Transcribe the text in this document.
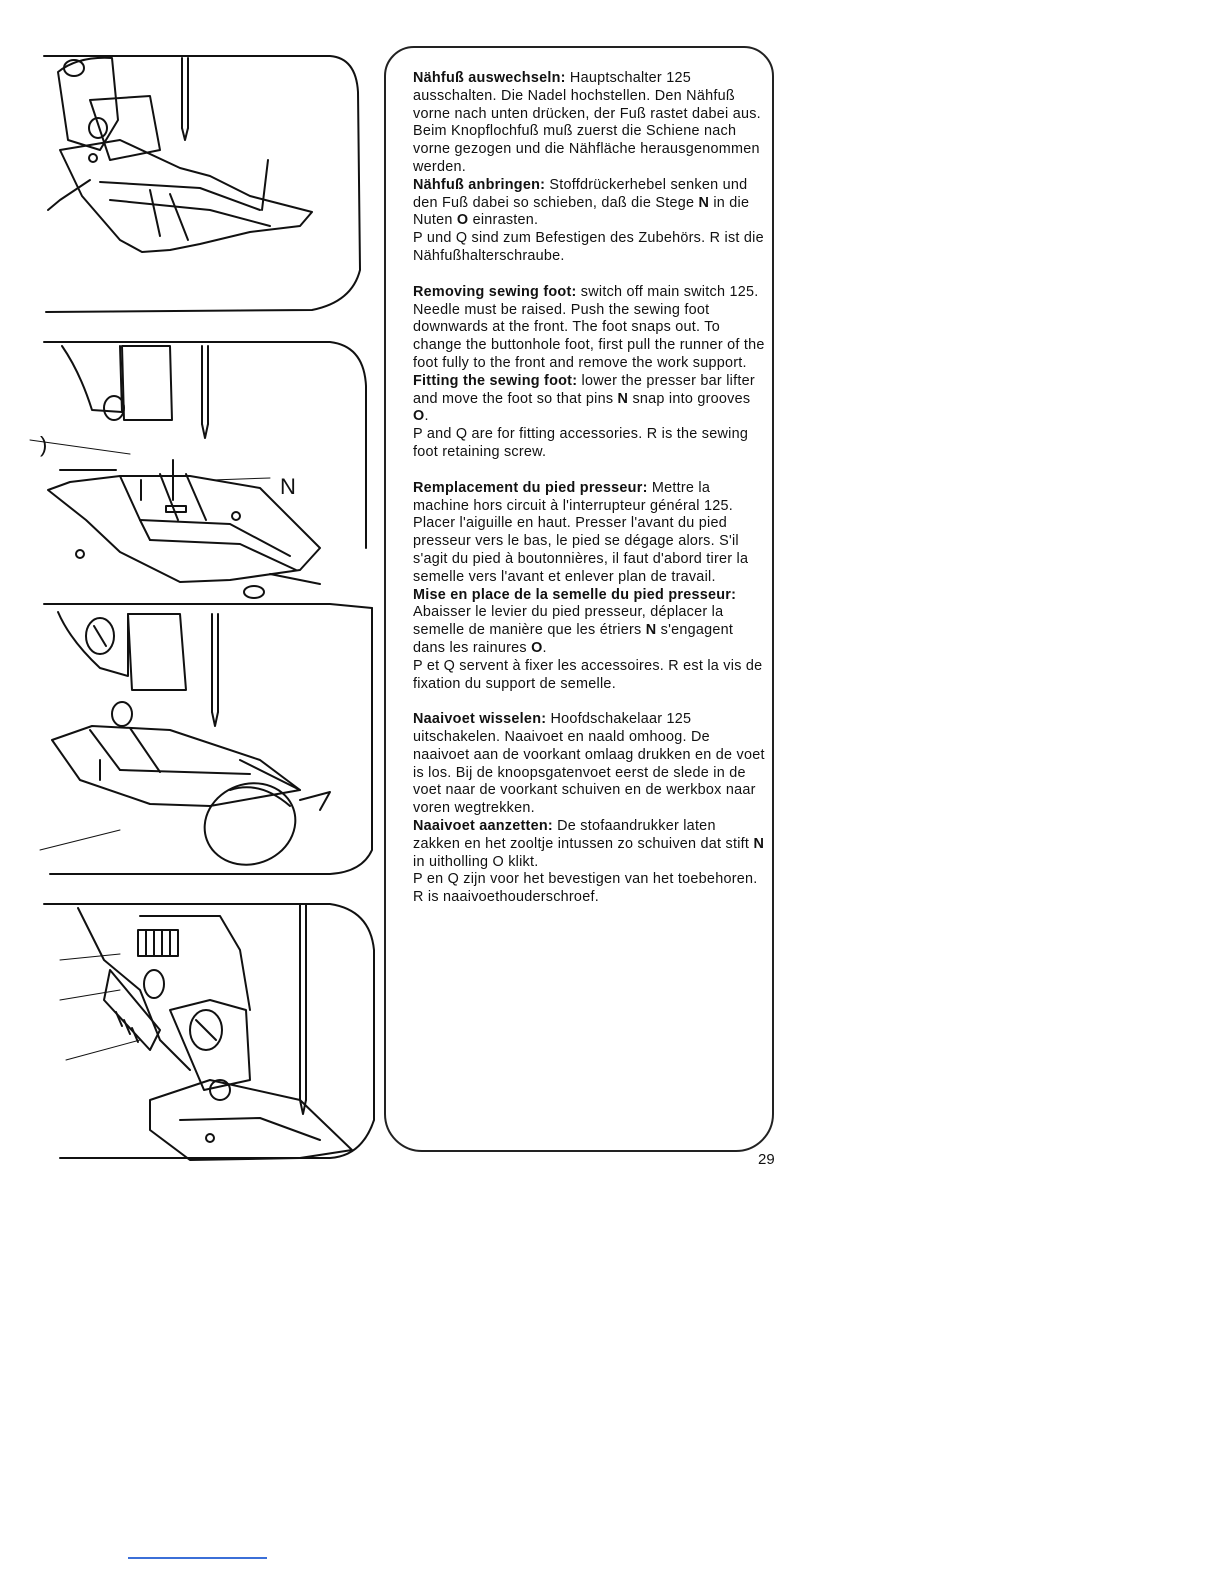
)
N

Nähfuß auswechseln: Hauptschalter 125 ausschalten. Die Nadel hochstellen. Den Nähfuß vorne nach unten drücken, der Fuß rastet dabei aus. Beim Knopflochfuß muß zuerst die Schiene nach vorne gezogen und die Nähfläche herausgenommen werden.

Nähfuß anbringen: Stoffdrückerhebel senken und den Fuß dabei so schieben, daß die Stege N in die Nuten O einrasten.

P und Q sind zum Befestigen des Zubehörs. R ist die Nähfußhalterschraube.

Removing sewing foot: switch off main switch 125. Needle must be raised. Push the sewing foot downwards at the front. The foot snaps out. To change the buttonhole foot, first pull the runner of the foot fully to the front and remove the work support.

Fitting the sewing foot: lower the presser bar lifter and move the foot so that pins N snap into grooves O.

P and Q are for fitting accessories. R is the sewing foot retaining screw.

Remplacement du pied presseur: Mettre la machine hors circuit à l'interrupteur général 125. Placer l'aiguille en haut. Presser l'avant du pied presseur vers le bas, le pied se dégage alors. S'il s'agit du pied à boutonnières, il faut d'abord tirer la semelle vers l'avant et enlever plan de travail.

Mise en place de la semelle du pied presseur: Abaisser le levier du pied presseur, déplacer la semelle de manière que les étriers N s'engagent dans les rainures O.

P et Q servent à fixer les accessoires. R est la vis de fixation du support de semelle.

Naaivoet wisselen: Hoofdschakelaar 125 uitschakelen. Naaivoet en naald omhoog. De naaivoet aan de voorkant omlaag drukken en de voet is los. Bij de knoopsgatenvoet eerst de slede in de voet naar de voorkant schuiven en de werkbox naar voren wegtrekken.

Naaivoet aanzetten: De stofaandrukker laten zakken en het zooltje intussen zo schuiven dat stift N in uitholling O klikt.

P en Q zijn voor het bevestigen van het toebehoren. R is naaivoethouderschroef.

29
